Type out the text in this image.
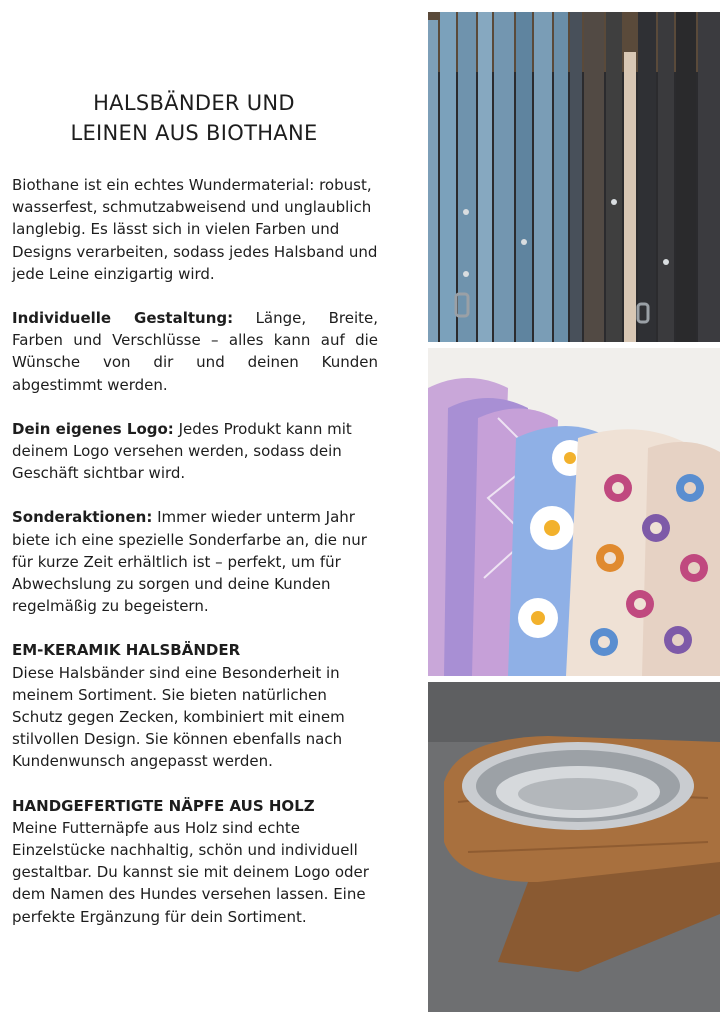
HALSBÄNDER UND
LEINEN AUS BIOTHANE

Biothane ist ein echtes Wundermaterial: robust, wasserfest, schmutzabweisend und unglaublich langlebig. Es lässt sich in vielen Farben und Designs verarbeiten, sodass jedes Halsband und jede Leine einzigartig wird.

Individuelle Gestaltung: Länge, Breite, Farben und Verschlüsse – alles kann auf die Wünsche von dir und deinen Kunden abgestimmt werden.

Dein eigenes Logo: Jedes Produkt kann mit deinem Logo versehen werden, sodass dein Geschäft sichtbar wird.

Sonderaktionen: Immer wieder unterm Jahr biete ich eine spezielle Sonderfarbe an, die nur für kurze Zeit erhältlich ist – perfekt, um für Abwechslung zu sorgen und deine Kunden regelmäßig zu begeistern.

EM-KERAMIK HALSBÄNDER
Diese Halsbänder sind eine Besonderheit in meinem Sortiment. Sie bieten natürlichen Schutz gegen Zecken, kombiniert mit einem stilvollen Design. Sie können ebenfalls nach Kundenwunsch angepasst werden.

HANDGEFERTIGTE NÄPFE AUS HOLZ
Meine Futternäpfe aus Holz sind echte Einzelstücke nachhaltig, schön und individuell gestaltbar. Du kannst sie mit deinem Logo oder dem Namen des Hundes versehen lassen. Eine perfekte Ergänzung für dein Sortiment.
